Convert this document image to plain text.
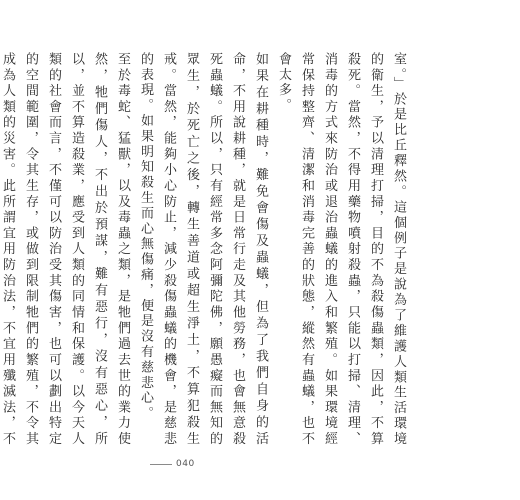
室。」於是比丘釋然。這個例子是說為了維護人類生活環境的衛生，予以清理打掃，目的不為殺傷蟲類，因此，不算殺死。當然，不得用藥物噴射殺蟲，只能以打掃、清理、消毒的方式來防治或退治蟲蟻的進入和繁殖。如果環境經常保持整齊、清潔和消毒完善的狀態，縱然有蟲蟻，也不會太多。

如果在耕種時，難免會傷及蟲蟻，但為了我們自身的活命，不用說耕種，就是日常行走及其他勞務，也會無意殺死蟲蟻。所以，只有經常多念阿彌陀佛，願愚癡而無知的眾生，於死亡之後，轉生善道或超生淨土，不算犯殺生戒。當然，能夠小心防止，減少殺傷蟲蟻的機會，是慈悲的表現。如果明知殺生而心無傷痛，便是沒有慈悲心。

至於毒蛇、猛獸，以及毒蟲之類，是牠們過去世的業力使然，牠們傷人，不出於預謀，難有惡行，沒有惡心，所以，並不算造殺業，應受到人類的同情和保護。以今天人類的社會而言，不僅可以防治受其傷害，也可以劃出特定的空間範圍，令其生存，或做到限制牠們的繁殖，不令其成為人類的災害。此所謂宜用防治法，不宜用殲滅法，不

040
